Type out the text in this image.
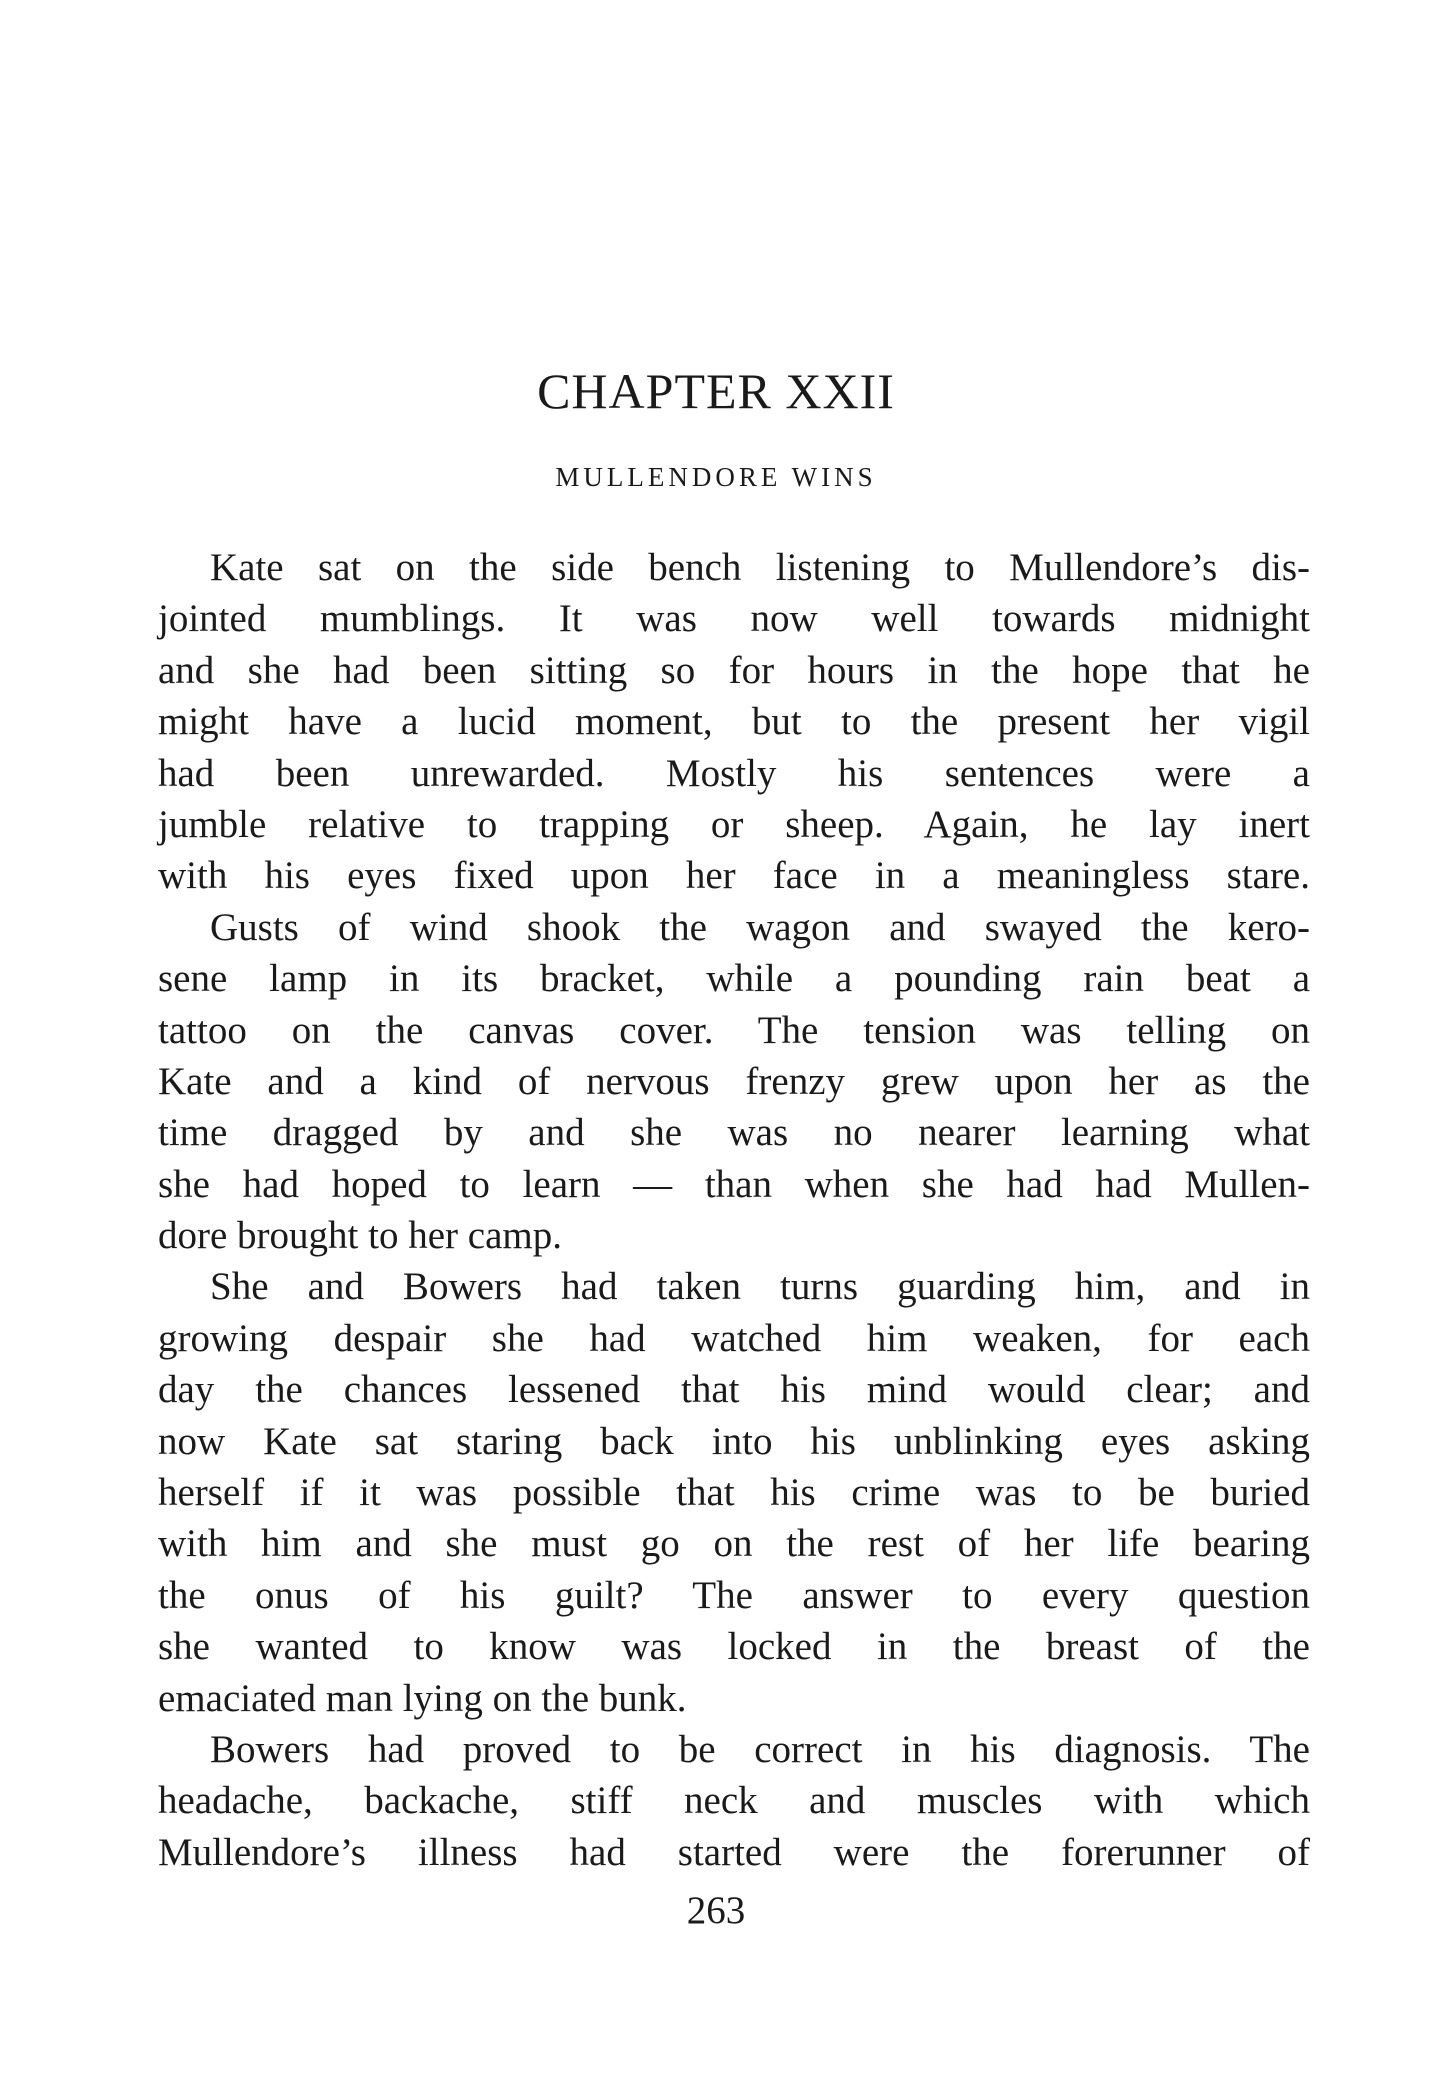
CHAPTER XXII
MULLENDORE WINS
Kate sat on the side bench listening to Mullendore’s dis-
jointed mumblings. It was now well towards midnight
and she had been sitting so for hours in the hope that he
might have a lucid moment, but to the present her vigil
had been unrewarded. Mostly his sentences were a
jumble relative to trapping or sheep. Again, he lay inert
with his eyes fixed upon her face in a meaningless stare.
Gusts of wind shook the wagon and swayed the kero-
sene lamp in its bracket, while a pounding rain beat a
tattoo on the canvas cover. The tension was telling on
Kate and a kind of nervous frenzy grew upon her as the
time dragged by and she was no nearer learning what
she had hoped to learn — than when she had had Mullen-
dore brought to her camp.
She and Bowers had taken turns guarding him, and in
growing despair she had watched him weaken, for each
day the chances lessened that his mind would clear; and
now Kate sat staring back into his unblinking eyes asking
herself if it was possible that his crime was to be buried
with him and she must go on the rest of her life bearing
the onus of his guilt? The answer to every question
she wanted to know was locked in the breast of the
emaciated man lying on the bunk.
Bowers had proved to be correct in his diagnosis. The
headache, backache, stiff neck and muscles with which
Mullendore’s illness had started were the forerunner of
263
